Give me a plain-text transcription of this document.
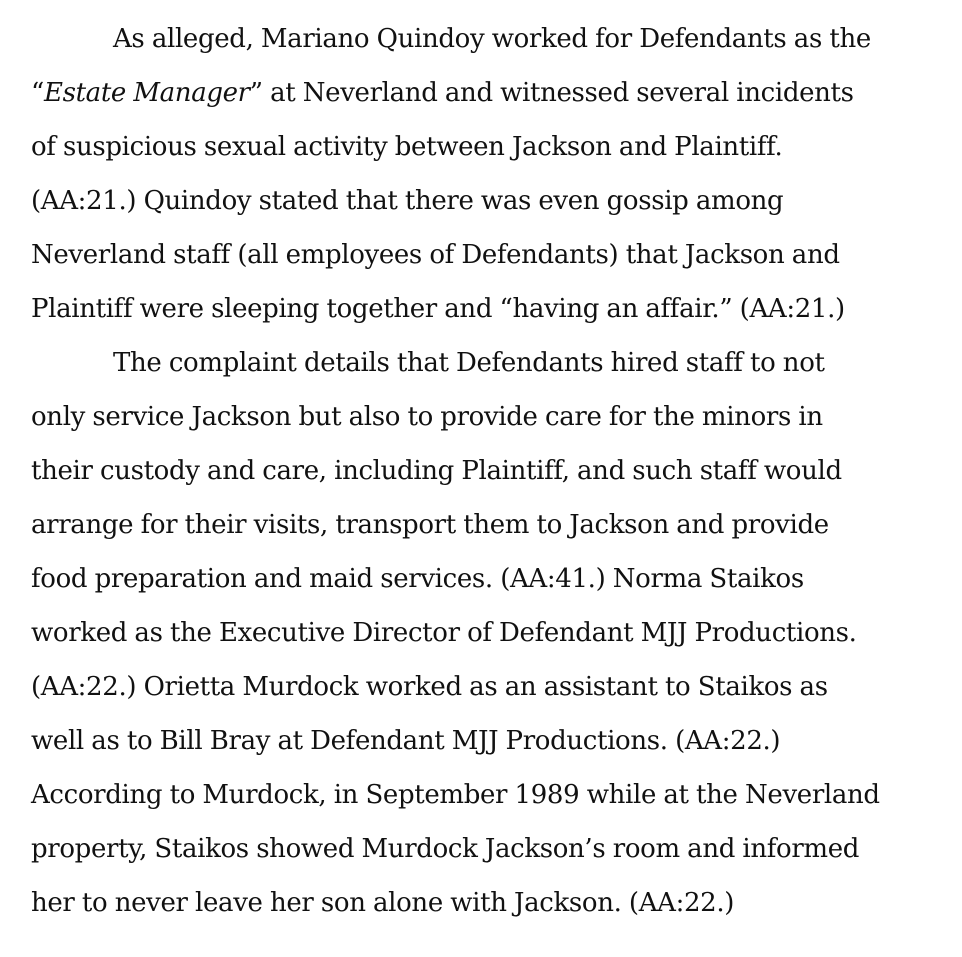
As alleged, Mariano Quindoy worked for Defendants as the
“Estate Manager” at Neverland and witnessed several incidents
of suspicious sexual activity between Jackson and Plaintiff.
(AA:21.) Quindoy stated that there was even gossip among
Neverland staff (all employees of Defendants) that Jackson and
Plaintiff were sleeping together and “having an affair.” (AA:21.)
The complaint details that Defendants hired staff to not
only service Jackson but also to provide care for the minors in
their custody and care, including Plaintiff, and such staff would
arrange for their visits, transport them to Jackson and provide
food preparation and maid services. (AA:41.) Norma Staikos
worked as the Executive Director of Defendant MJJ Productions.
(AA:22.) Orietta Murdock worked as an assistant to Staikos as
well as to Bill Bray at Defendant MJJ Productions. (AA:22.)
According to Murdock, in September 1989 while at the Neverland
property, Staikos showed Murdock Jackson’s room and informed
her to never leave her son alone with Jackson. (AA:22.)
